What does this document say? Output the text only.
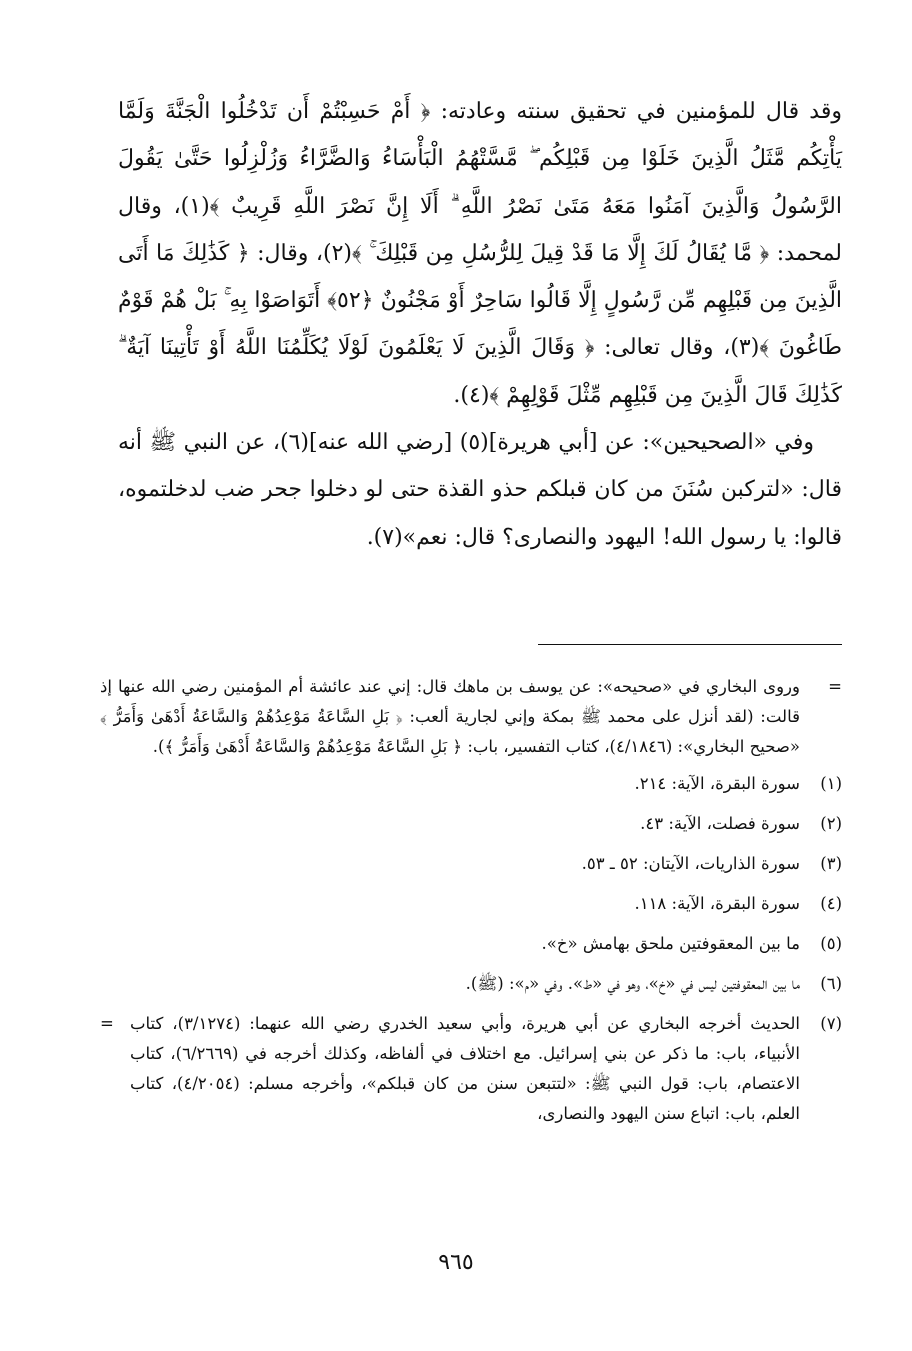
وقد قال للمؤمنين في تحقيق سنته وعادته: ﴿ أَمْ حَسِبْتُمْ أَن تَدْخُلُوا الْجَنَّةَ وَلَمَّا يَأْتِكُم مَّثَلُ الَّذِينَ خَلَوْا مِن قَبْلِكُم ۖ مَّسَّتْهُمُ الْبَأْسَاءُ وَالضَّرَّاءُ وَزُلْزِلُوا حَتَّىٰ يَقُولَ الرَّسُولُ وَالَّذِينَ آمَنُوا مَعَهُ مَتَىٰ نَصْرُ اللَّهِ ۗ أَلَا إِنَّ نَصْرَ اللَّهِ قَرِيبٌ ﴾(١)، وقال لمحمد: ﴿ مَّا يُقَالُ لَكَ إِلَّا مَا قَدْ قِيلَ لِلرُّسُلِ مِن قَبْلِكَ ۚ ﴾(٢)، وقال: ﴿ كَذَٰلِكَ مَا أَتَى الَّذِينَ مِن قَبْلِهِم مِّن رَّسُولٍ إِلَّا قَالُوا سَاحِرٌ أَوْ مَجْنُونٌ ﴿٥٢﴾ أَتَوَاصَوْا بِهِ ۚ بَلْ هُمْ قَوْمٌ طَاغُونَ ﴾(٣)، وقال تعالى: ﴿ وَقَالَ الَّذِينَ لَا يَعْلَمُونَ لَوْلَا يُكَلِّمُنَا اللَّهُ أَوْ تَأْتِينَا آيَةٌ ۗ كَذَٰلِكَ قَالَ الَّذِينَ مِن قَبْلِهِم مِّثْلَ قَوْلِهِمْ ﴾(٤).

وفي «الصحيحين»: عن [أبي هريرة](٥) [رضي الله عنه](٦)، عن النبي ﷺ أنه قال: «لتركبن سُنَنَ من كان قبلكم حذو القذة حتى لو دخلوا جحر ضب لدخلتموه، قالوا: يا رسول الله! اليهود والنصارى؟ قال: نعم»(٧).

=
وروى البخاري في «صحيحه»: عن يوسف بن ماهك قال: إني عند عائشة أم المؤمنين رضي الله عنها إذ قالت: (لقد أنزل على محمد ﷺ بمكة وإني لجارية ألعب: ﴿ بَلِ السَّاعَةُ مَوْعِدُهُمْ وَالسَّاعَةُ أَدْهَىٰ وَأَمَرُّ ﴾ «صحيح البخاري»: (٤/١٨٤٦)، كتاب التفسير، باب: ﴿ بَلِ السَّاعَةُ مَوْعِدُهُمْ وَالسَّاعَةُ أَدْهَىٰ وَأَمَرُّ ﴾).
(١)
سورة البقرة، الآية: ٢١٤.
(٢)
سورة فصلت، الآية: ٤٣.
(٣)
سورة الذاريات، الآيتان: ٥٢ ـ ٥٣.
(٤)
سورة البقرة، الآية: ١١٨.
(٥)
ما بين المعقوفتين ملحق بهامش «خ».
(٦)
ما بين المعقوفتين ليس في «خ»، وهو في «ط». وفي «م»: (ﷺ).
(٧)
الحديث أخرجه البخاري عن أبي هريرة، وأبي سعيد الخدري رضي الله عنهما: (٣/١٢٧٤)، كتاب الأنبياء، باب: ما ذكر عن بني إسرائيل. مع اختلاف في ألفاظه، وكذلك أخرجه في (٦/٢٦٦٩)، كتاب الاعتصام، باب: قول النبي ﷺ: «لتتبعن سنن من كان قبلكم»، وأخرجه مسلم: (٤/٢٠٥٤)، كتاب العلم، باب: اتباع سنن اليهود والنصارى،
=
٩٦٥
